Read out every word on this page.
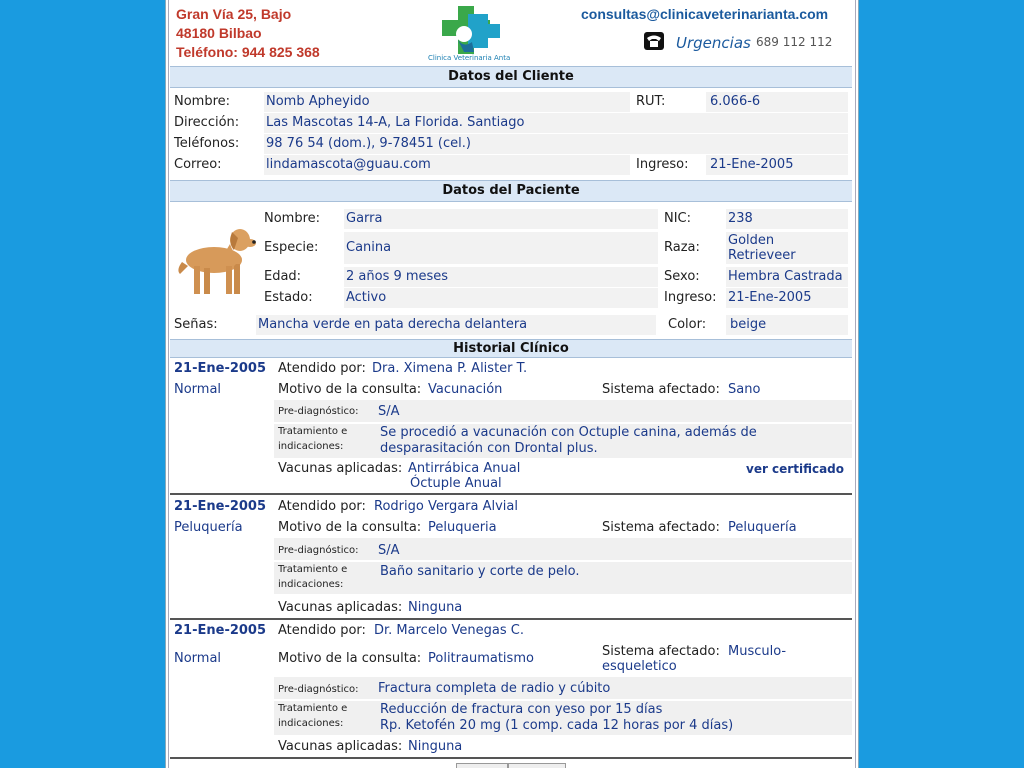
Gran Vía 25, Bajo
48180 Bilbao
Teléfono: 944 825 368	Clinica Veterinaria Anta
consultas@clinicaveterinarianta.com
Urgencias 689 112 112
Datos del Cliente
Nombre:	Nomb Apheyido	RUT:	6.066-6
Dirección: Las Mascotas 14-A, La Florida. Santiago
Teléfonos: 98 76 54 (dom.), 9-78451 (cel.)
Correo:	lindamascota@guau.com	Ingreso: 21-Ene-2005
Datos del Paciente
Nombre: Garra	NIC:	238
Especie: Canina	Raza: Golden
Retrieveer
Edad:	2 años 9 meses	Sexo: Hembra Castrada
Estado:	Activo	Ingreso: 21-Ene-2005
Señas:	Mancha verde en pata derecha delantera	Color: beige
Historial Clínico
21-Ene-2005 Atendido por: Dra. Ximena P. Alister T.
Normal	Motivo de la consulta: Vacunación	Sistema afectado: Sano
Pre-diagnóstico: S/A
Tratamiento e
indicaciones:
Se procedió a vacunación con Octuple canina, además de
desparasitación con Drontal plus.
Vacunas aplicadas: Antirrábica Anual
Óctuple Anual
ver certificado
21-Ene-2005 Atendido por: Rodrigo Vergara Alvial
Peluquería	Motivo de la consulta: Peluqueria	Sistema afectado: Peluquería
Pre-diagnóstico: S/A
Tratamiento e
indicaciones:
Baño sanitario y corte de pelo.
Vacunas aplicadas: Ninguna
21-Ene-2005 Atendido por: Dr. Marcelo Venegas C.
Normal	Motivo de la consulta: Politraumatismo	Sistema afectado: Musculo-
esqueletico
Pre-diagnóstico: Fractura completa de radio y cúbito
Tratamiento e
indicaciones:
Reducción de fractura con yeso por 15 días
Rp. Ketofén 20 mg (1 comp. cada 12 horas por 4 días)
Vacunas aplicadas: Ninguna
